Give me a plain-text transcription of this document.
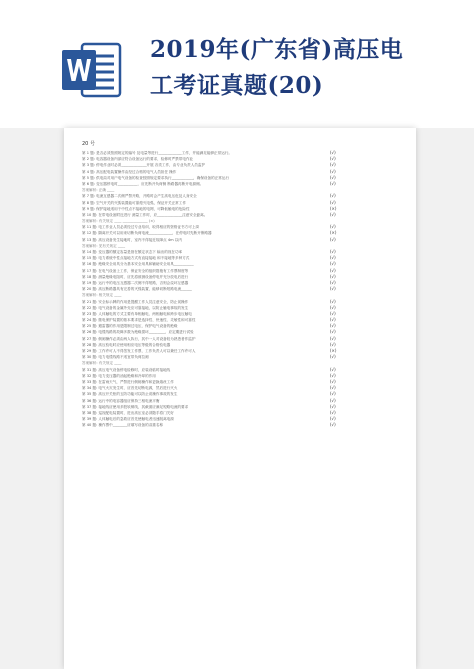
2019年(广东省)高压电
工考证真题(20)
20 号
第 1 题: 是否必须按照规定的编号 及电量等进行_____________工作，并能满足能够正常运行。	(√)
第 2 题: 电容器设备内部应符合设备运行的要求，检修时严禁带电作业	(√)
第 3 题: 停电作业时必须______________开展 各类工作，由专业负责人员监护	(√)
第 4 题: 高压配电装置操作由经过合格的电气人员担任 操作	(√)
第 5 题: 供电局对用户电气设备的检查按照规定要求执行____________，确保设备的正常运行	(√)
第 6 题: 变压器停电时___________，应先断开负荷侧 断路器再断开电源侧。	(√)
答案解析: 正确 ____
第 7 题: 电流互感器二次侧严禁开路，开路时会产生高电压危及人身安全	(√)
第 8 题: 空气开关的灭弧装置能可靠熄灭电弧，保证开关正常工作	(√)
第 9 题: 保护接地适用于中性点不接地的电网，可降低触电的危险性	(×)
第 10 题: 在带电设备附近进行 测量工作时，应______________注意安全距离。	(√)
答案解析: 有关规定 ____ ______________ (×)
第 11 题: 电工作业人员必须经过专业培训，取得相应的资格证书方可上岗	(√)
第 12 题: 隔离开关可以用来切断负荷电流_____________，在停电时先断开断路器	(×)
第 13 题: 高压设备发生接地时，室内不得接近故障点 4m 以内	(√)
答案解析: 见有关规定 ____
第 14 题: 变压器的额定容量是指在额定状态下 输出的视在功率	(√)
第 15 题: 电力系统中性点接地方式有直接接地 和不接地等多种方式	(√)
第 16 题: 绝缘安全用具分为基本安全用具和辅助安全用具___________	(√)
第 17 题: 在电气设备上工作，保证安全的组织措施有工作票制度等	(√)
第 18 题: 测量绝缘电阻时，应先将被测设备停电并充分放电后进行	(√)
第 19 题: 运行中的电压互感器二次侧不得短路，否则会烧坏互感器	(√)
第 20 题: 高压断路器具有完善的灭弧装置，能够切断短路电流______	(√)
答案解析: 相关规定 ____
第 21 题: 安全标示牌的作用是提醒工作人员注意安全，防止误操作	(√)
第 22 题: 电气设备的金属外壳应可靠接地，以防止触电事故的发生	(√)
第 23 题: 人体触电的方式主要有单相触电、两相触电和跨步电压触电	(√)
第 24 题: 继电保护装置的基本要求是选择性、快速性、灵敏性和可靠性	(√)
第 25 题: 避雷器的作用是限制过电压，保护电气设备的绝缘	(√)
第 26 题: 电缆线路的故障多数为绝缘损坏_________，应定期进行试验	(√)
第 27 题: 倒闸操作必须由两人执行，其中一人对设备较为熟悉者作监护	(√)
第 28 题: 高压验电时应使用相应电压等级的合格验电器	(√)
第 29 题: 工作许可人不得签发工作票，工作负责人可以兼任工作许可人	(×)
第 30 题: 电力电缆线路不适宜带负荷拉闸	(√)
答案解析: 有关规定 ____
第 31 题: 高压电气设备停电检修时，应装设临时接地线	(√)
第 32 题: 电力变压器的油起绝缘和冷却的作用	(√)
第 33 题: 在雷雨天气，严禁进行倒闸操作和更换熔丝工作	(√)
第 34 题: 电气火灾发生时，应首先切断电源，然后进行灭火	(√)
第 35 题: 高压开关柜的五防功能可以防止误操作事故的发生	(√)
第 36 题: 运行中的电容器组应保持三相电流平衡	(√)
第 37 题: 接地线应使用多股软铜线，其截面应满足短路电流的要求	(√)
第 38 题: 巡视配电装置时，进出高压室必须随手将门关好	(√)
第 39 题: 人体触电后的急救应首先使触电者迅速脱离电源	(√)
第 40 题: 操作票中________应填写设备的双重名称	(√)
